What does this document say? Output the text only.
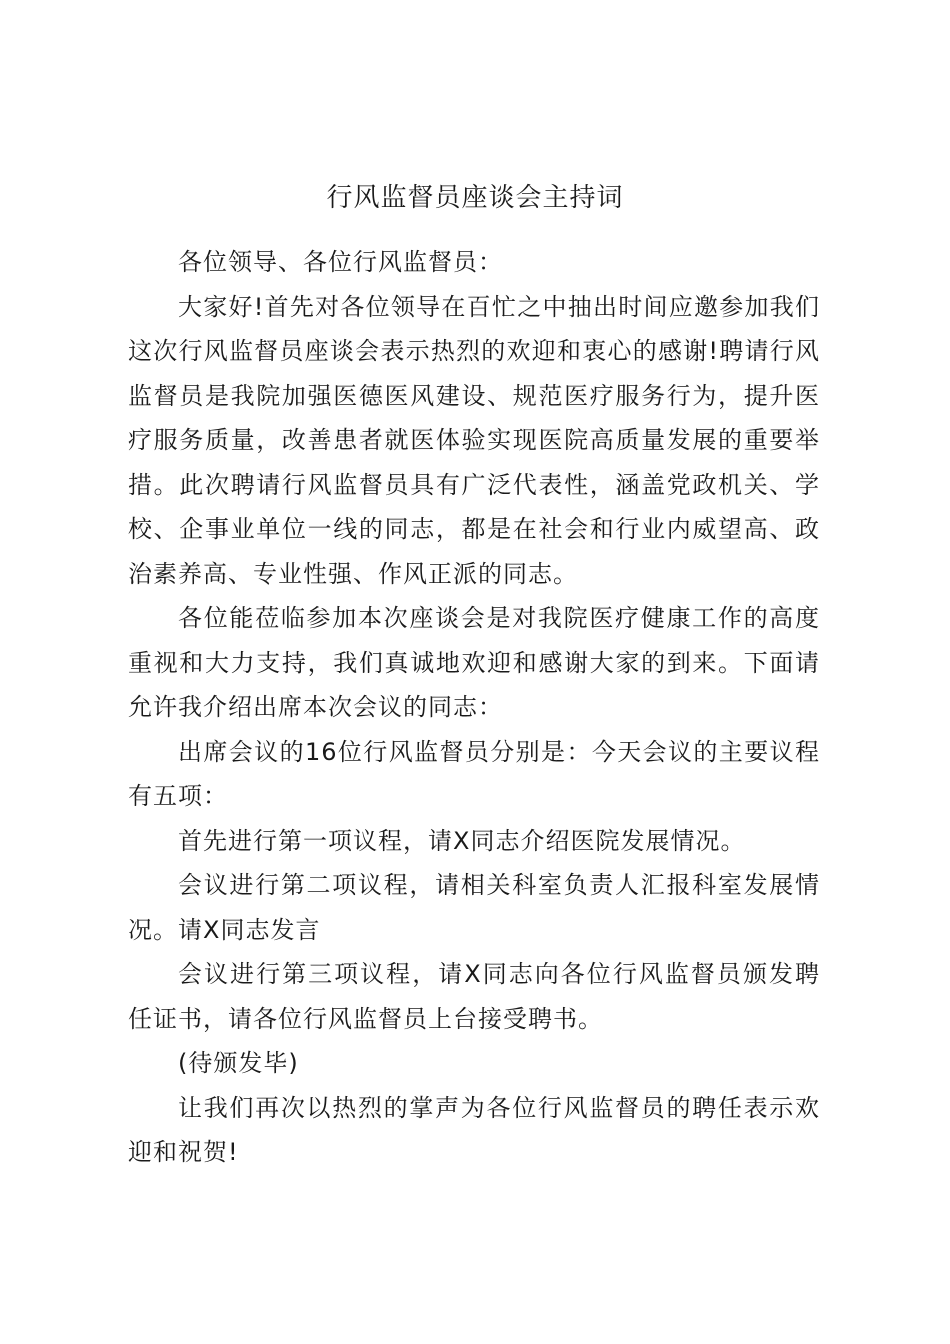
行风监督员座谈会主持词

各位领导、各位行风监督员：

大家好!首先对各位领导在百忙之中抽出时间应邀参加我们这次行风监督员座谈会表示热烈的欢迎和衷心的感谢!聘请行风监督员是我院加强医德医风建设、规范医疗服务行为，提升医疗服务质量，改善患者就医体验实现医院高质量发展的重要举措。此次聘请行风监督员具有广泛代表性，涵盖党政机关、学校、企事业单位一线的同志，都是在社会和行业内威望高、政治素养高、专业性强、作风正派的同志。

各位能莅临参加本次座谈会是对我院医疗健康工作的高度重视和大力支持，我们真诚地欢迎和感谢大家的到来。下面请允许我介绍出席本次会议的同志：

出席会议的16位行风监督员分别是：今天会议的主要议程有五项：

首先进行第一项议程，请X同志介绍医院发展情况。

会议进行第二项议程，请相关科室负责人汇报科室发展情况。请X同志发言

会议进行第三项议程，请X同志向各位行风监督员颁发聘任证书，请各位行风监督员上台接受聘书。

(待颁发毕)

让我们再次以热烈的掌声为各位行风监督员的聘任表示欢迎和祝贺!
